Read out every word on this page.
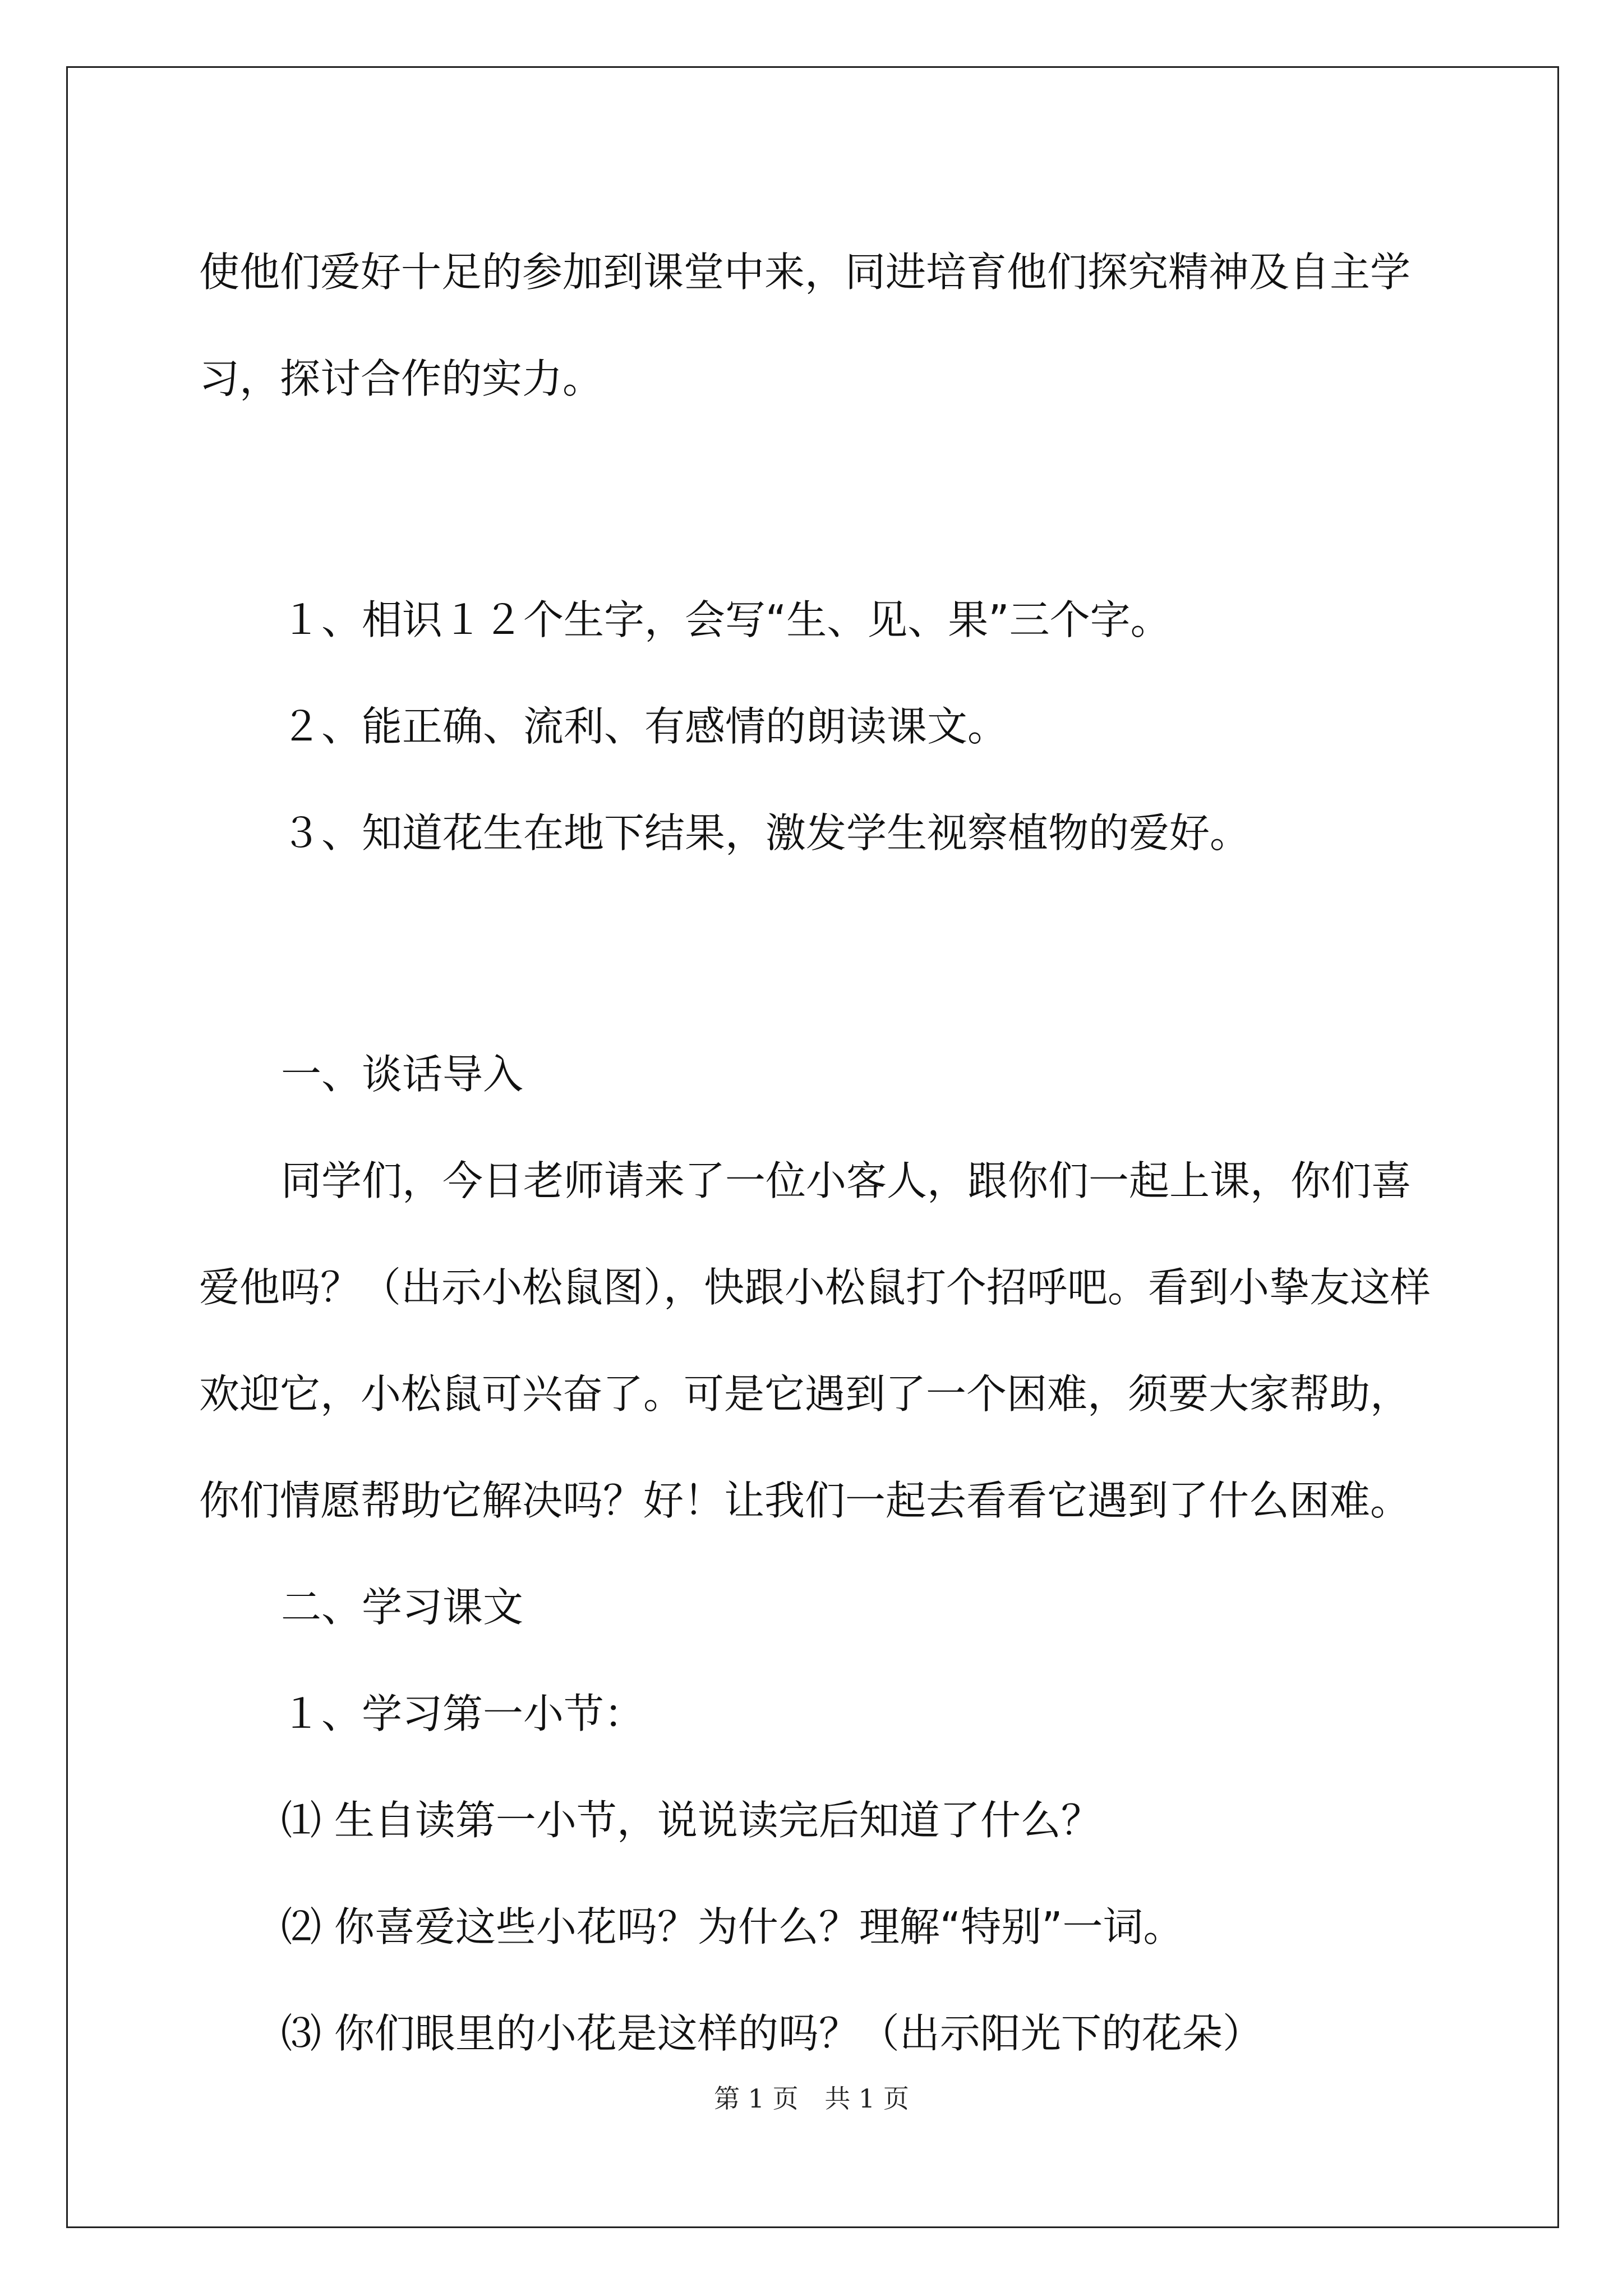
使他们爱好十足的参加到课堂中来，同进培育他们探究精神及自主学
习，探讨合作的实力。
１、相识１２个生字，会写“生、见、果”三个字。
２、能正确、流利、有感情的朗读课文。
３、知道花生在地下结果，激发学生视察植物的爱好。
一、谈话导入
同学们，今日老师请来了一位小客人，跟你们一起上课，你们喜
爱他吗？（出示小松鼠图），快跟小松鼠打个招呼吧。看到小挚友这样
欢迎它，小松鼠可兴奋了。可是它遇到了一个困难，须要大家帮助，
你们情愿帮助它解决吗？好！让我们一起去看看它遇到了什么困难。
二、学习课文
１、学习第一小节：
⑴ 生自读第一小节，说说读完后知道了什么？
⑵ 你喜爱这些小花吗？为什么？理解“特别”一词。
⑶ 你们眼里的小花是这样的吗？（出示阳光下的花朵）
第 1 页 共 1 页
